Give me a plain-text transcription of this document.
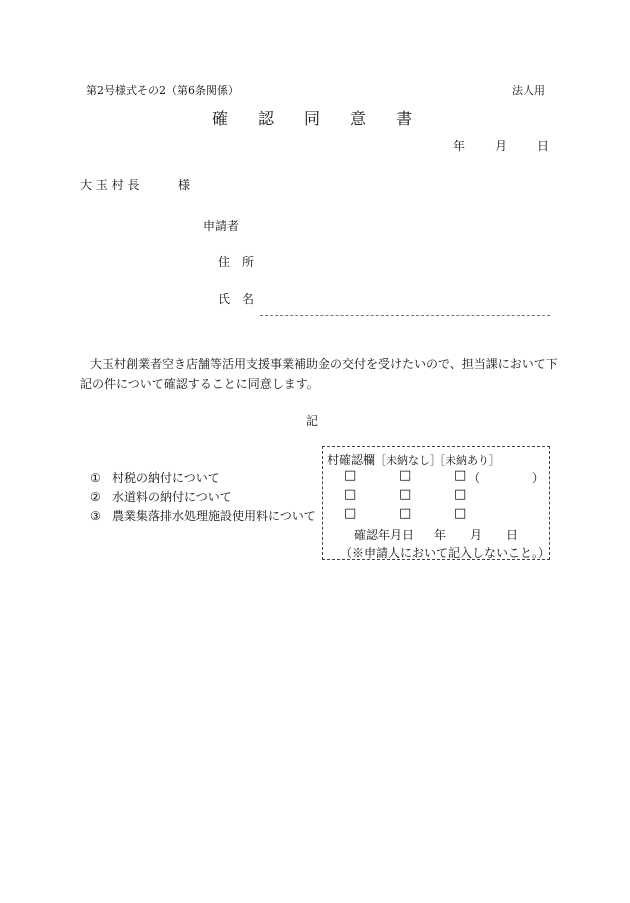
第2号様式その2（第6条関係）	法人用
確 認 同 意 書
年	月	日
大 玉 村 長	様
申請者
住　所
氏　名
大玉村創業者空き店舗等活用支援事業補助金の交付を受けたいので、担当課において下
記の件について確認することに同意します。
記
① 村税の納付について
② 水道料の納付について
③ 農業集落排水処理施設使用料について
村確認欄 ［未納なし］
［未納あり］
□	□	□ （	）
□	□	□
□	□	□
確認年月日 年 月 日
（※申請人において記入しないこと。）
